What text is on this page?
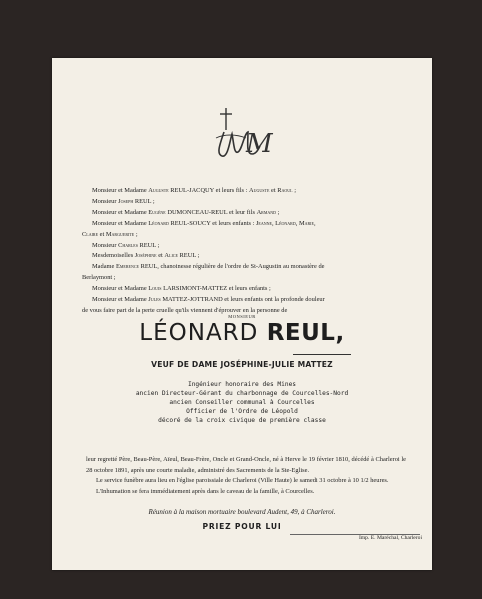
M

Monsieur et Madame Auguste REUL-JACQUY et leurs fils : Auguste et Raoul ;

Monsieur Joseph REUL ;

Monsieur et Madame Eugène DUMONCEAU-REUL et leur fils Armand ;

Monsieur et Madame Léonard REUL-SOUCY et leurs enfants : Jeanne, Léonard, Marie,

Claire et Marguerite ;

Monsieur Charles REUL ;

Mesdemoiselles Joséphine et Alice REUL ;

Madame Emerence REUL, chanoinesse régulière de l'ordre de St-Augustin au monastère de

Berlaymont ;

Monsieur et Madame Louis LARSIMONT-MATTEZ et leurs enfants ;

Monsieur et Madame Jules MATTEZ-JOTTRAND et leurs enfants ont la profonde douleur

de vous faire part de la perte cruelle qu'ils viennent d'éprouver en la personne de

MONSIEUR
LÉONARD REUL,
VEUF DE DAME JOSÉPHINE-JULIE MATTEZ
Ingénieur honoraire des Mines
ancien Directeur-Gérant du charbonnage de Courcelles-Nord
ancien Conseiller communal à Courcelles
Officier de l'Ordre de Léopold
décoré de la croix civique de première classe

leur regretté Père, Beau-Père, Aïeul, Beau-Frère, Oncle et Grand-Oncle, né à Herve le 19 février 1810, décédé à Charleroi le 28 octobre 1891, après une courte maladie, administré des Sacrements de la Ste-Eglise.

Le service funèbre aura lieu en l'église paroissiale de Charleroi (Ville Haute) le samedi 31 octobre à 10 1/2 heures.

L'Inhumation se fera immédiatement après dans le caveau de la famille, à Courcelles.

Réunion à la maison mortuaire boulevard Audent, 49, à Charleroi.
PRIEZ POUR LUI
Imp. E. Maréchal, Charleroi
